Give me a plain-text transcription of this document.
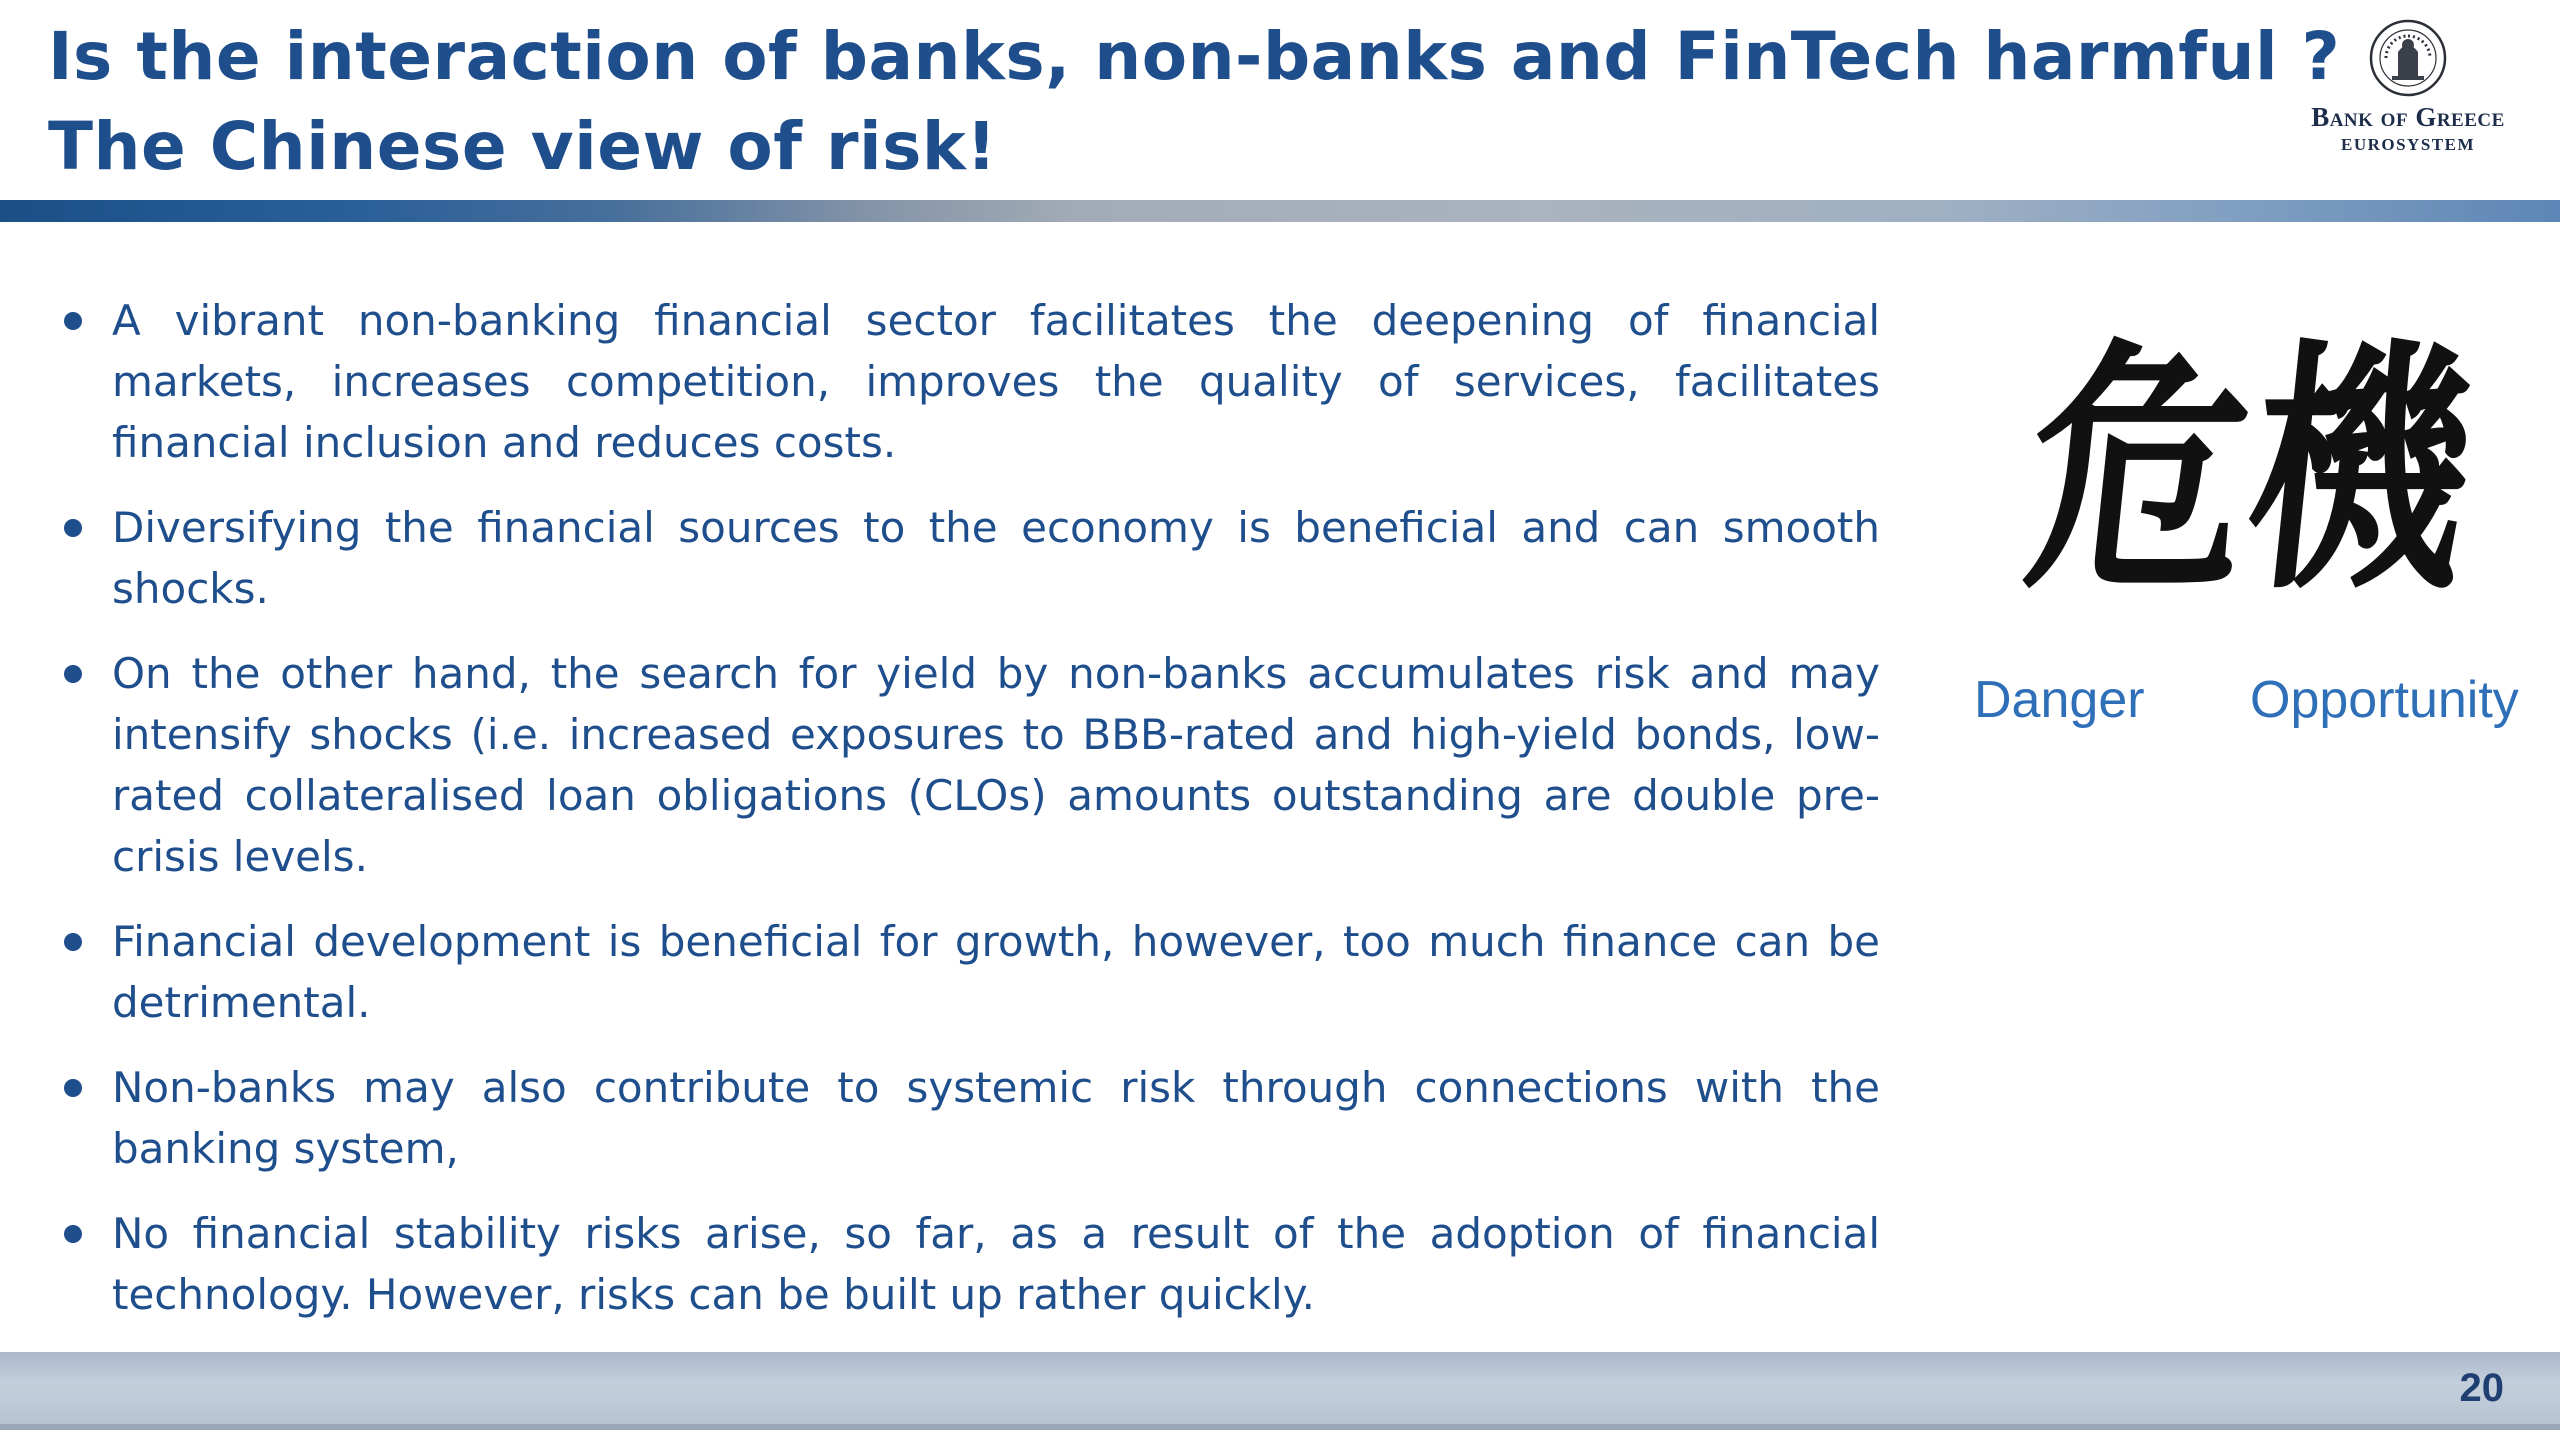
Is the interaction of banks, non-banks and FinTech harmful ?
The Chinese view of risk!	Bank of Greece
EUROSYSTEM
A vibrant non-banking financial sector facilitates the deepening of financial markets, increases competition, improves the quality of services, facilitates financial inclusion and reduces costs.
Diversifying the financial sources to the economy is beneficial and can smooth shocks.
On the other hand, the search for yield by non-banks accumulates risk and may intensify shocks (i.e. increased exposures to BBB-rated and high-yield bonds, low-rated collateralised loan obligations (CLOs) amounts outstanding are double pre-crisis levels.
Financial development is beneficial for growth, however, too much finance can be detrimental.
Non-banks may also contribute to systemic risk through connections with the banking system,
No financial stability risks arise, so far, as a result of the adoption of financial technology. However, risks can be built up rather quickly.
危機
Danger Opportunity
20
